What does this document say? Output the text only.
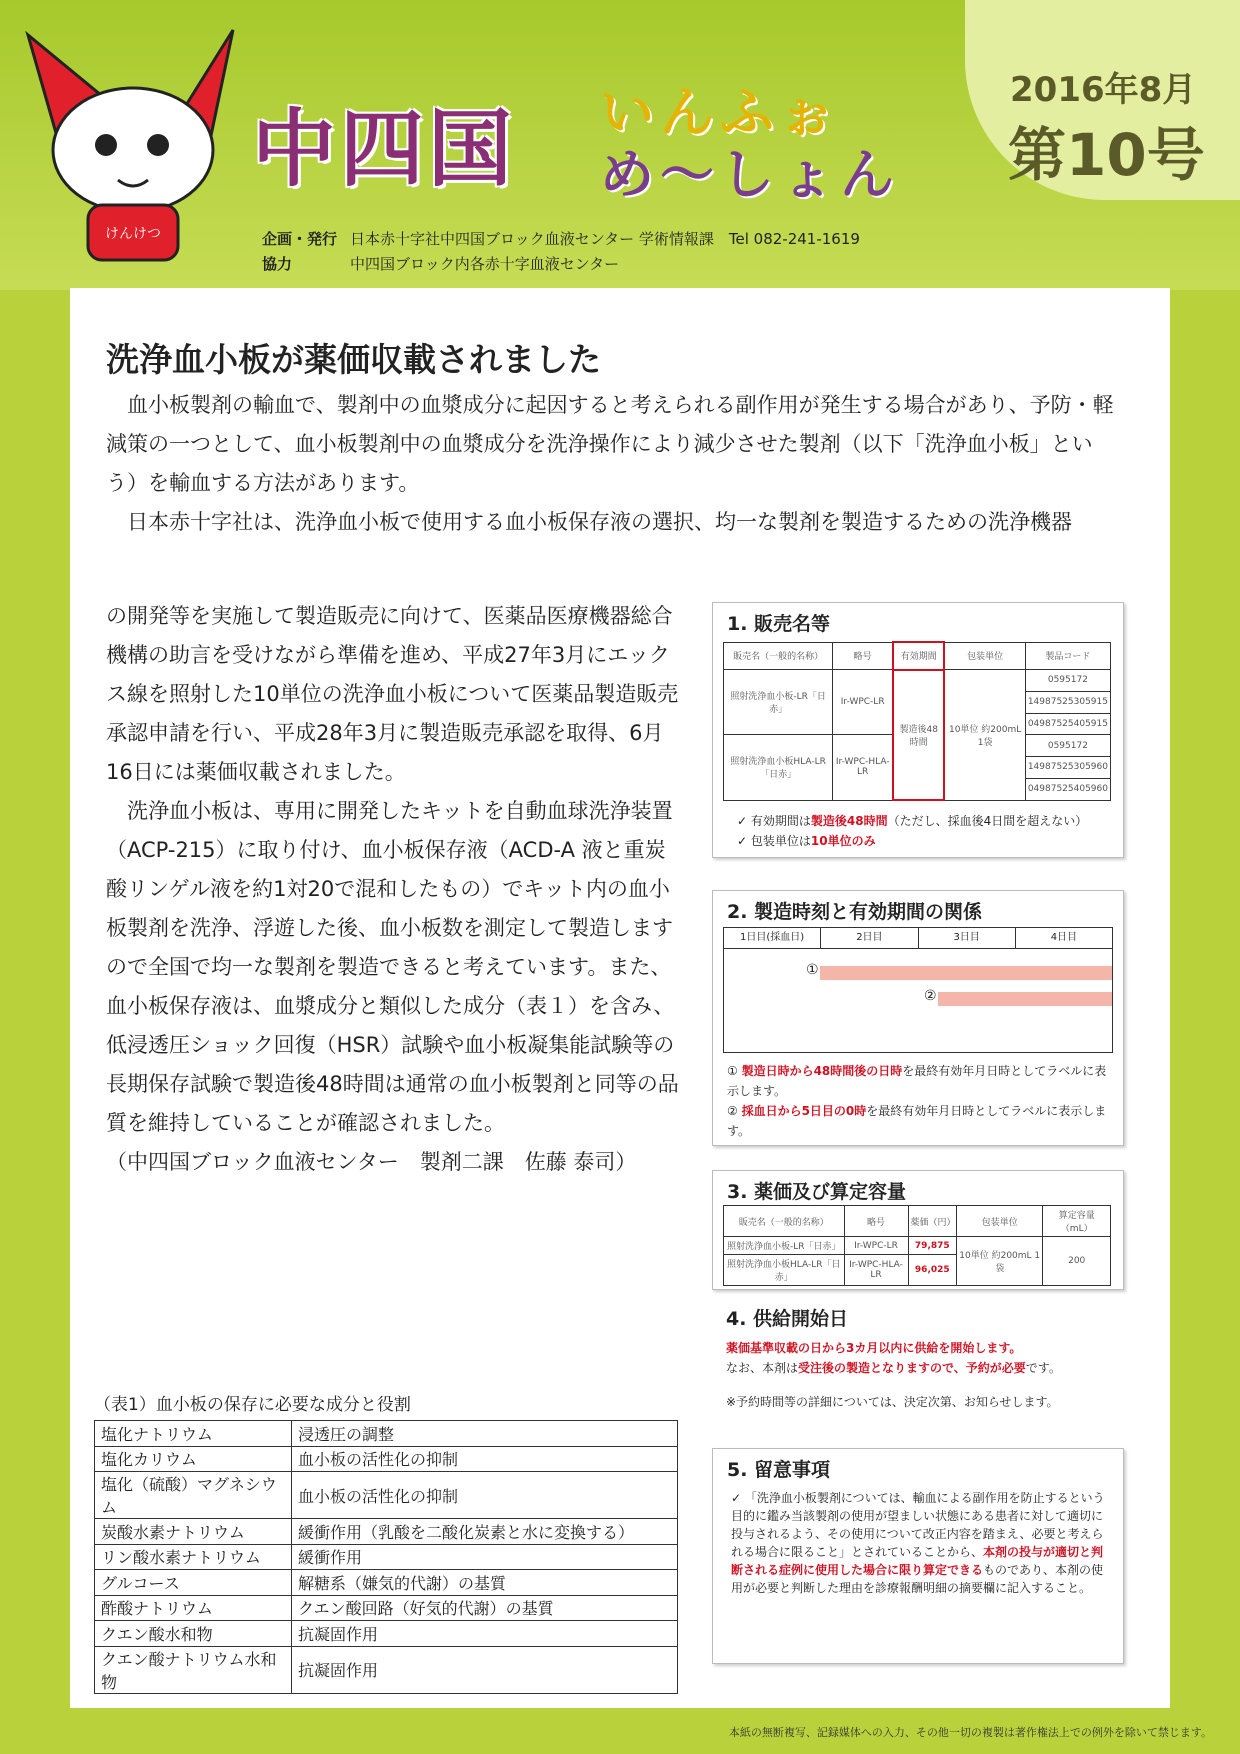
けんけつ
中四国 いんふぉ
め〜しょん
2016年8月
第10号
企画・発行 日本赤十字社中四国ブロック血液センター 学術情報課　Tel 082-241-1619
協力	中四国ブロック内各赤十字血液センター
洗浄血小板が薬価収載されました
血小板製剤の輸血で、製剤中の血漿成分に起因すると考えられる副作用が発生する場合があり、予防・軽減策の一つとして、血小板製剤中の血漿成分を洗浄操作により減少させた製剤（以下「洗浄血小板」という）を輸血する方法があります。
日本赤十字社は、洗浄血小板で使用する血小板保存液の選択、均一な製剤を製造するための洗浄機器
の開発等を実施して製造販売に向けて、医薬品医療機器総合機構の助言を受けながら準備を進め、平成27年3月にエックス線を照射した10単位の洗浄血小板について医薬品製造販売承認申請を行い、平成28年3月に製造販売承認を取得、6月16日には薬価収載されました。
洗浄血小板は、専用に開発したキットを自動血球洗浄装置（ACP-215）に取り付け、血小板保存液（ACD-A 液と重炭酸リンゲル液を約1対20で混和したもの）でキット内の血小板製剤を洗浄、浮遊した後、血小板数を測定して製造しますので全国で均一な製剤を製造できると考えています。また、血小板保存液は、血漿成分と類似した成分（表１）を含み、低浸透圧ショック回復（HSR）試験や血小板凝集能試験等の長期保存試験で製造後48時間は通常の血小板製剤と同等の品質を維持していることが確認されました。
（中四国ブロック血液センター　製剤二課　佐藤 泰司）
1. 販売名等
販売名（一般的名称）	略号	有効期間	包装単位	製品コード
照射洗浄血小板-LR「日赤」	Ir-WPC-LR	製造後48時間	10単位 約200mL 1袋	0595172
				14987525305915
				04987525405915
照射洗浄血小板HLA-LR「日赤」	Ir-WPC-HLA-LR			0595172
				14987525305960
				04987525405960
✓ 有効期間は製造後48時間（ただし、採血後4日間を超えない）
✓ 包装単位は10単位のみ
2. 製造時刻と有効期間の関係
1日目(採血日)	2日目	3日目	4日目
①
②
① 製造日時から48時間後の日時を最終有効年月日時としてラベルに表示します。
② 採血日から5日目の0時を最終有効年月日時としてラベルに表示します。
3. 薬価及び算定容量
販売名（一般的名称）	略号	薬価（円）	包装単位	算定容量（mL）
照射洗浄血小板-LR「日赤」	Ir-WPC-LR	79,875	10単位 約200mL 1袋	200
照射洗浄血小板HLA-LR「日赤」	Ir-WPC-HLA-LR	96,025		
4. 供給開始日
薬価基準収載の日から3カ月以内に供給を開始します。
なお、本剤は受注後の製造となりますので、予約が必要です。
※予約時間等の詳細については、決定次第、お知らせします。
5. 留意事項
✓ 「洗浄血小板製剤については、輸血による副作用を防止するという目的に鑑み当該製剤の使用が望ましい状態にある患者に対して適切に投与されるよう、その使用について改正内容を踏まえ、必要と考えられる場合に限ること」とされていることから、本剤の投与が適切と判断される症例に使用した場合に限り算定できるものであり、本剤の使用が必要と判断した理由を診療報酬明細の摘要欄に記入すること。
（表1）血小板の保存に必要な成分と役割
塩化ナトリウム	浸透圧の調整
塩化カリウム	血小板の活性化の抑制
塩化（硫酸）マグネシウム	血小板の活性化の抑制
炭酸水素ナトリウム	緩衝作用（乳酸を二酸化炭素と水に変換する）
リン酸水素ナトリウム	緩衝作用
グルコース	解糖系（嫌気的代謝）の基質
酢酸ナトリウム	クエン酸回路（好気的代謝）の基質
クエン酸水和物	抗凝固作用
クエン酸ナトリウム水和物	抗凝固作用
本紙の無断複写、記録媒体への入力、その他一切の複製は著作権法上での例外を除いて禁じます。
